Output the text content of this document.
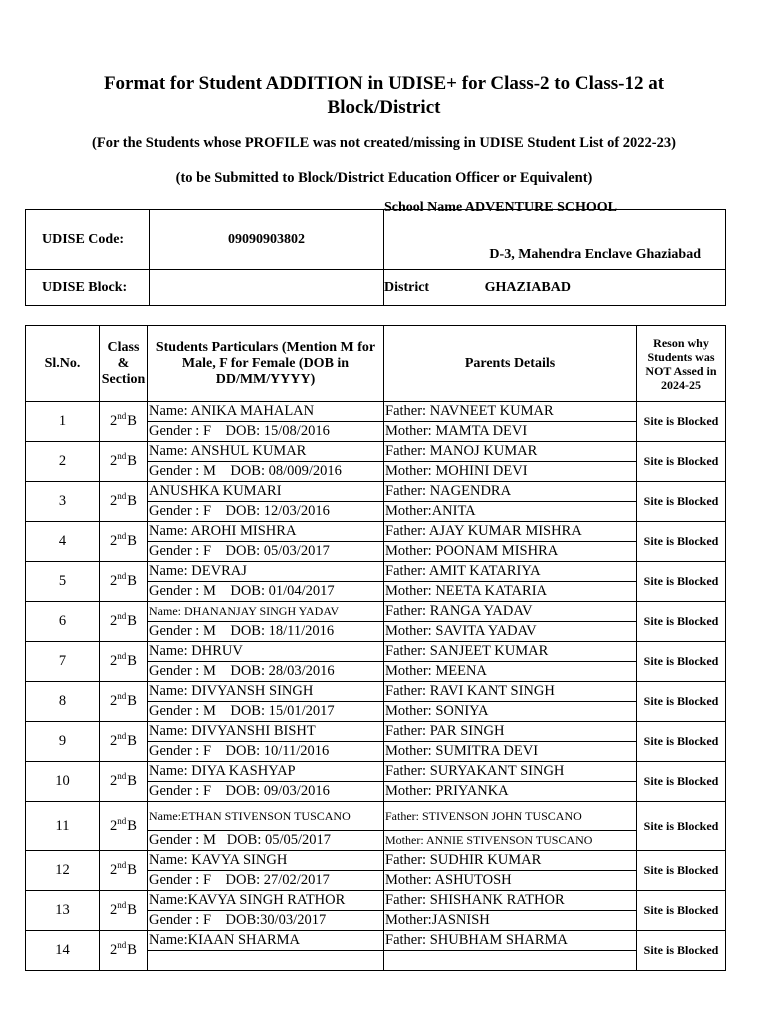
Format for Student ADDITION in UDISE+ for Class-2 to Class-12 at
Block/District
(For the Students whose PROFILE was not created/missing in UDISE Student List of 2022-23)
(to be Submitted to Block/District Education Officer or Equivalent)
UDISE Code:	09090903802	School Name ADVENTURE SCHOOL
D-3, Mahendra Enclave Ghaziabad

UDISE Block:		District GHAZIABAD
Sl.No.	Class & Section	Students Particulars (Mention M for Male, F for Female (DOB in DD/MM/YYYY)	Parents Details	Reson why Students was NOT Assed in 2024-25
1	2ndB	Name: ANIKA MAHALAN	Father: NAVNEET KUMAR	Site is Blocked
		Gender : F    DOB: 15/08/2016	Mother: MAMTA DEVI	
2	2ndB	Name: ANSHUL KUMAR	Father: MANOJ KUMAR	Site is Blocked
		Gender : M    DOB: 08/009/2016	Mother: MOHINI DEVI	
3	2ndB	ANUSHKA KUMARI	Father: NAGENDRA	Site is Blocked
		Gender : F    DOB: 12/03/2016	Mother:ANITA	
4	2ndB	Name: AROHI MISHRA	Father: AJAY KUMAR MISHRA	Site is Blocked
		Gender : F    DOB: 05/03/2017	Mother: POONAM MISHRA	
5	2ndB	Name: DEVRAJ	Father: AMIT KATARIYA	Site is Blocked
		Gender : M    DOB: 01/04/2017	Mother: NEETA KATARIA	
6	2ndB	Name: DHANANJAY SINGH YADAV	Father: RANGA YADAV	Site is Blocked
		Gender : M    DOB: 18/11/2016	Mother: SAVITA YADAV	
7	2ndB	Name: DHRUV	Father: SANJEET KUMAR	Site is Blocked
		Gender : M    DOB: 28/03/2016	Mother: MEENA	
8	2ndB	Name: DIVYANSH SINGH	Father: RAVI KANT SINGH	Site is Blocked
		Gender : M    DOB: 15/01/2017	Mother: SONIYA	
9	2ndB	Name: DIVYANSHI BISHT	Father: PAR SINGH	Site is Blocked
		Gender : F    DOB: 10/11/2016	Mother: SUMITRA DEVI	
10	2ndB	Name: DIYA KASHYAP	Father: SURYAKANT SINGH	Site is Blocked
		Gender : F    DOB: 09/03/2016	Mother: PRIYANKA	
11	2ndB	Name:ETHAN STIVENSON TUSCANO	Father: STIVENSON JOHN TUSCANO	Site is Blocked
		Gender : M   DOB: 05/05/2017	Mother: ANNIE STIVENSON TUSCANO	
12	2ndB	Name: KAVYA SINGH	Father: SUDHIR KUMAR	Site is Blocked
		Gender : F    DOB: 27/02/2017	Mother: ASHUTOSH	
13	2ndB	Name:KAVYA SINGH RATHOR	Father: SHISHANK RATHOR	Site is Blocked
		Gender : F    DOB:30/03/2017	Mother:JASNISH	
14	2ndB	Name:KIAAN SHARMA	Father: SHUBHAM SHARMA	Site is Blocked
